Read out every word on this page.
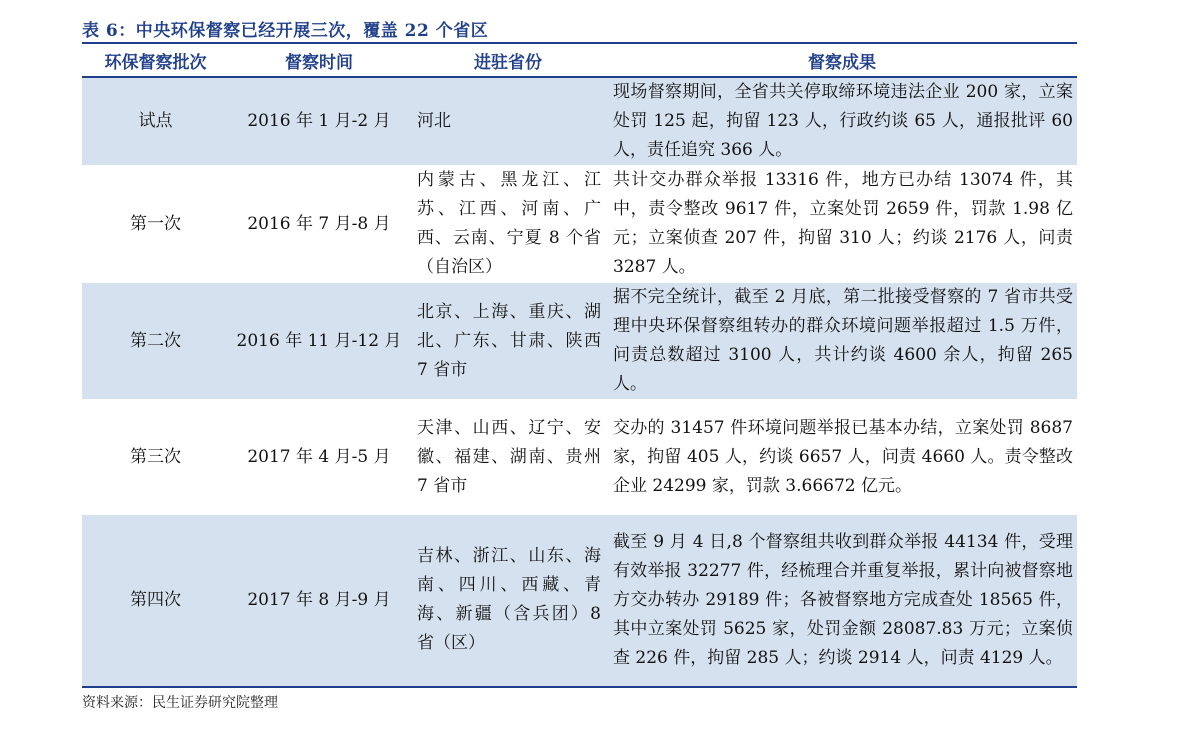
表 6：中央环保督察已经开展三次，覆盖 22 个省区
环保督察批次	督察时间	进驻省份	督察成果
试点	2016 年 1 月-2 月	河北	现场督察期间，全省共关停取缔环境违法企业 200 家，立案处罚 125 起，拘留 123 人，行政约谈 65 人，通报批评 60 人，责任追究 366 人。
第一次	2016 年 7 月-8 月	内蒙古、黑龙江、江苏、江西、河南、广西、云南、宁夏 8 个省（自治区）	共计交办群众举报 13316 件，地方已办结 13074 件，其中，责令整改 9617 件，立案处罚 2659 件，罚款 1.98 亿元；立案侦查 207 件，拘留 310 人；约谈 2176 人，问责 3287 人。
第二次	2016 年 11 月-12 月	北京、上海、重庆、湖北、广东、甘肃、陕西 7 省市	据不完全统计，截至 2 月底，第二批接受督察的 7 省市共受理中央环保督察组转办的群众环境问题举报超过 1.5 万件，问责总数超过 3100 人，共计约谈 4600 余人，拘留 265 人。
第三次	2017 年 4 月-5 月	天津、山西、辽宁、安徽、福建、湖南、贵州 7 省市	交办的 31457 件环境问题举报已基本办结，立案处罚 8687 家，拘留 405 人，约谈 6657 人，问责 4660 人。责令整改企业 24299 家，罚款 3.66672 亿元。
第四次	2017 年 8 月-9 月	吉林、浙江、山东、海南、四川、西藏、青海、新疆（含兵团）8 省（区）	截至 9 月 4 日,8 个督察组共收到群众举报 44134 件，受理有效举报 32277 件，经梳理合并重复举报，累计向被督察地方交办转办 29189 件；各被督察地方完成查处 18565 件，其中立案处罚 5625 家，处罚金额 28087.83 万元；立案侦查 226 件，拘留 285 人；约谈 2914 人，问责 4129 人。
资料来源：民生证券研究院整理
